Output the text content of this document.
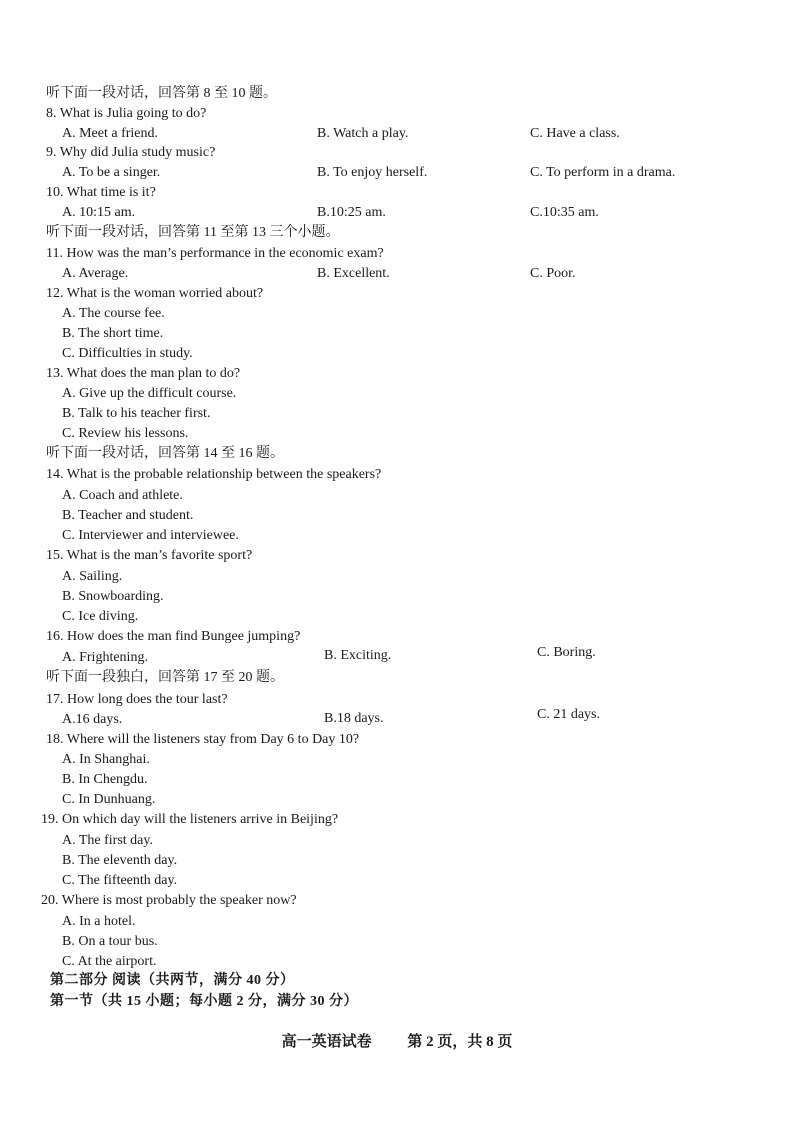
听下面一段对话，回答第 8 至 10 题。
8. What is Julia going to do?
A. Meet a friend.	B. Watch a play.	C. Have a class.
9. Why did Julia study music?
A. To be a singer.	B. To enjoy herself.	C. To perform in a drama.
10. What time is it?
A. 10:15 am.	B.10:25 am.	C.10:35 am.
听下面一段对话，回答第 11 至第 13 三个小题。
11. How was the man’s performance in the economic exam?
A. Average.	B. Excellent.	C. Poor.
12. What is the woman worried about?
A. The course fee.
B. The short time.
C. Difficulties in study.
13. What does the man plan to do?
A. Give up the difficult course.
B. Talk to his teacher first.
C. Review his lessons.
听下面一段对话，回答第 14 至 16 题。
14. What is the probable relationship between the speakers?
A. Coach and athlete.
B. Teacher and student.
C. Interviewer and interviewee.
15. What is the man’s favorite sport?
A. Sailing.
B. Snowboarding.
C. Ice diving.
16. How does the man find Bungee jumping?
A. Frightening.	B. Exciting.	C. Boring.
听下面一段独白，回答第 17 至 20 题。
17. How long does the tour last?
A.16 days.	B.18 days.	C. 21 days.
18. Where will the listeners stay from Day 6 to Day 10?
A. In Shanghai.
B. In Chengdu.
C. In Dunhuang.
19. On which day will the listeners arrive in Beijing?
A. The first day.
B. The eleventh day.
C. The fifteenth day.
20. Where is most probably the speaker now?
A. In a hotel.
B. On a tour bus.
C. At the airport.
第二部分 阅读（共两节，满分 40 分）
第一节（共 15 小题；每小题 2 分，满分 30 分）
高一英语试卷 第 2 页，共 8 页
